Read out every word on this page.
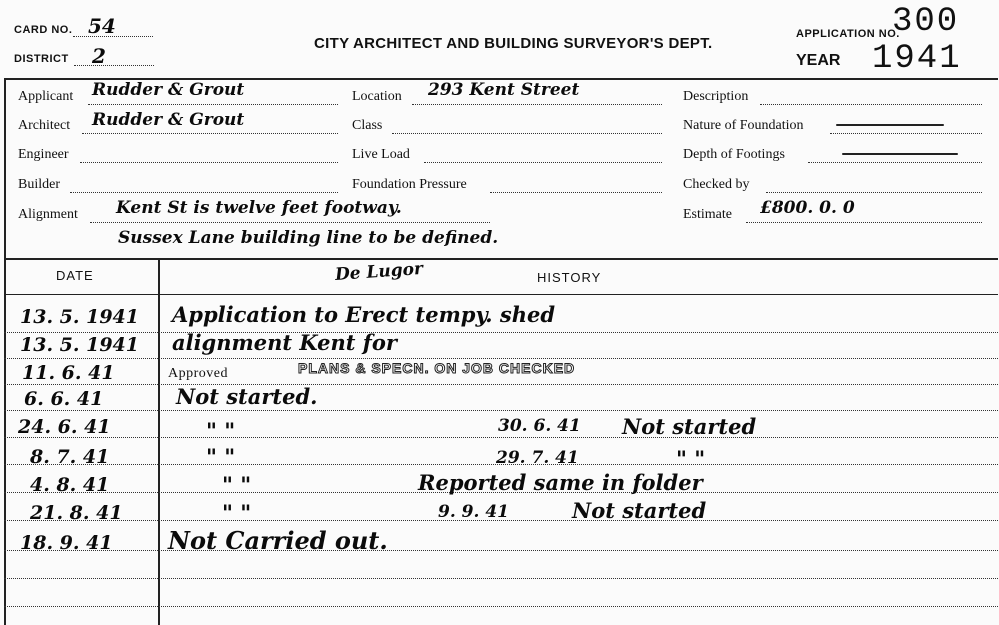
CARD NO. 54
DISTRICT 2
CITY ARCHITECT AND BUILDING SURVEYOR'S DEPT.
APPLICATION NO.
300
YEAR 1941
Applicant Rudder & Grout
Architect Rudder & Grout
Engineer
Builder
Alignment Kent St is twelve feet footway.
Sussex Lane building line to be defined.
Location 293 Kent Street
Class
Live Load
Foundation Pressure
Description
Nature of Foundation
Depth of Footings
Checked by
Estimate £800. 0. 0
DATE	HISTORY
De Lugor
13. 5. 1941 Application to Erect tempy. shed
13. 5. 1941 alignment Kent for
11. 6. 41	Approved	PLANS & SPECN. ON JOB CHECKED
6. 6. 41	Not started.
24. 6. 41	" "	30. 6. 41 Not started
8. 7. 41	" "	29. 7. 41	" "
4. 8. 41	" "	Reported same in folder
21. 8. 41	" "	9. 9. 41	Not started
18. 9. 41 Not Carried out.
